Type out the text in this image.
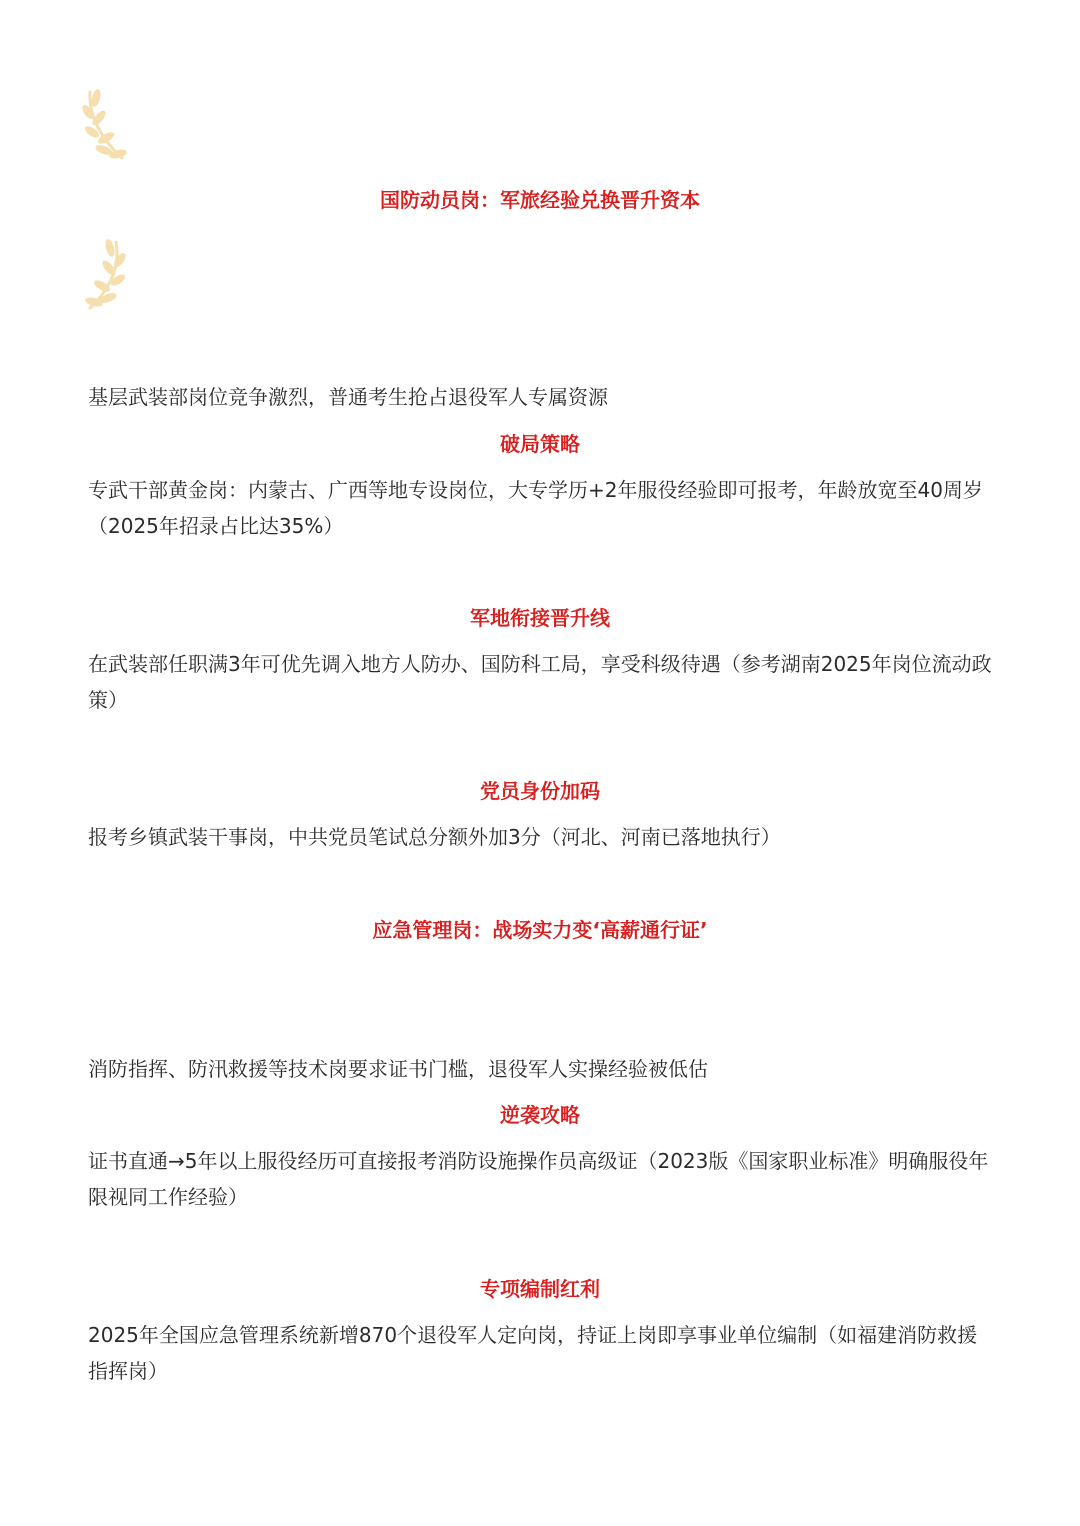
国防动员岗：军旅经验兑换晋升资本
基层武装部岗位竞争激烈，普通考生抢占退役军人专属资源
破局策略
专武干部黄金岗：内蒙古、广西等地专设岗位，大专学历+2年服役经验即可报考，年龄放宽至40周岁（2025年招录占比达35%）
军地衔接晋升线
在武装部任职满3年可优先调入地方人防办、国防科工局，享受科级待遇（参考湖南2025年岗位流动政策）
党员身份加码
报考乡镇武装干事岗，中共党员笔试总分额外加3分（河北、河南已落地执行）
应急管理岗：战场实力变‘高薪通行证’
消防指挥、防汛救援等技术岗要求证书门槛，退役军人实操经验被低估
逆袭攻略
证书直通→5年以上服役经历可直接报考消防设施操作员高级证（2023版《国家职业标准》明确服役年限视同工作经验）
专项编制红利
2025年全国应急管理系统新增870个退役军人定向岗，持证上岗即享事业单位编制（如福建消防救援指挥岗）
